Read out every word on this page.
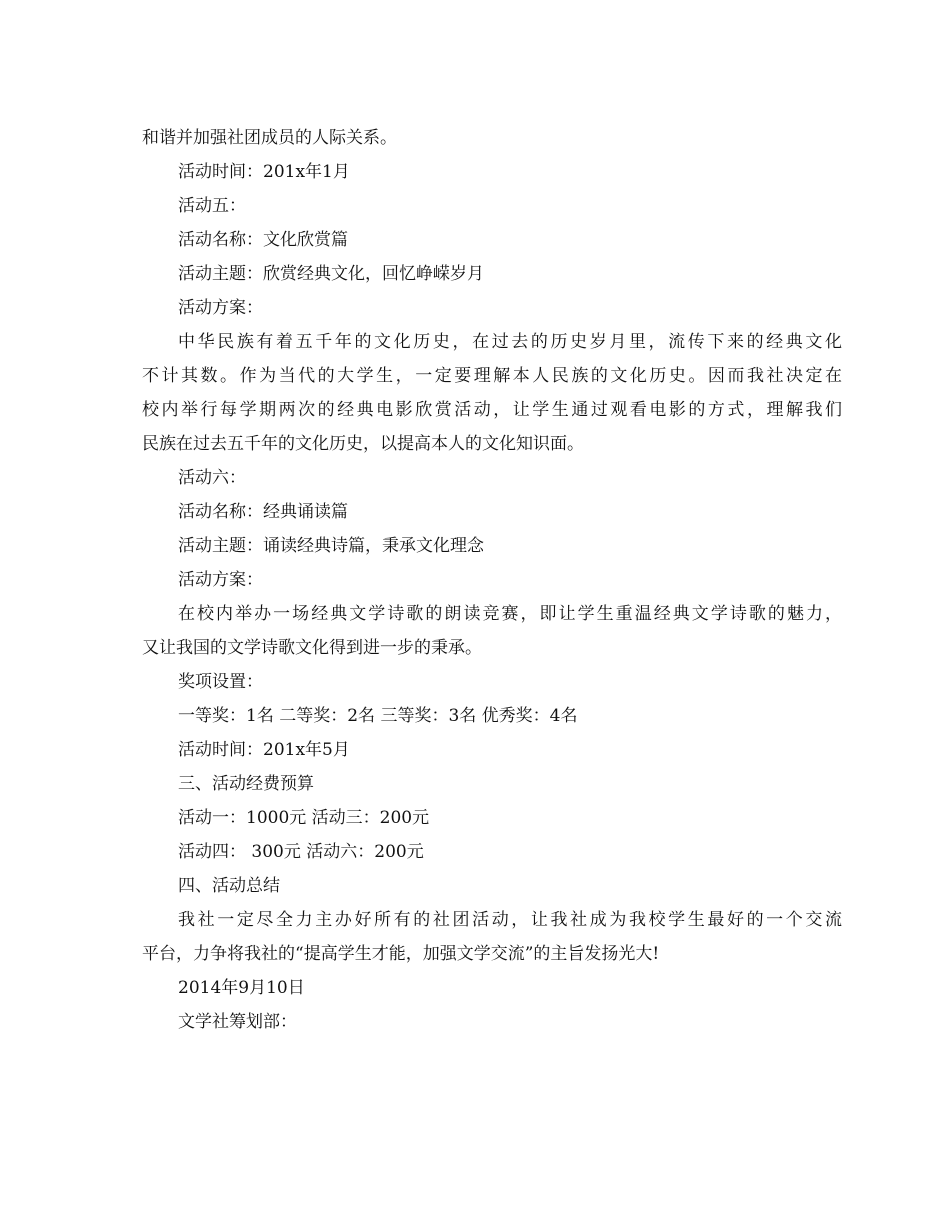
和谐并加强社团成员的人际关系。

活动时间：201x年1月

活动五：

活动名称：文化欣赏篇

活动主题：欣赏经典文化，回忆峥嵘岁月

活动方案：

中华民族有着五千年的文化历史，在过去的历史岁月里，流传下来的经典文化

不计其数。作为当代的大学生，一定要理解本人民族的文化历史。因而我社决定在

校内举行每学期两次的经典电影欣赏活动，让学生通过观看电影的方式，理解我们

民族在过去五千年的文化历史，以提高本人的文化知识面。

活动六：

活动名称：经典诵读篇

活动主题：诵读经典诗篇，秉承文化理念

活动方案：

在校内举办一场经典文学诗歌的朗读竞赛，即让学生重温经典文学诗歌的魅力，

又让我国的文学诗歌文化得到进一步的秉承。

奖项设置：

一等奖：1名 二等奖：2名 三等奖：3名 优秀奖：4名

活动时间：201x年5月

三、活动经费预算

活动一：1000元 活动三：200元

活动四： 300元 活动六：200元

四、活动总结

我社一定尽全力主办好所有的社团活动，让我社成为我校学生最好的一个交流

平台，力争将我社的“提高学生才能，加强文学交流”的主旨发扬光大!

2014年9月10日

文学社筹划部：
